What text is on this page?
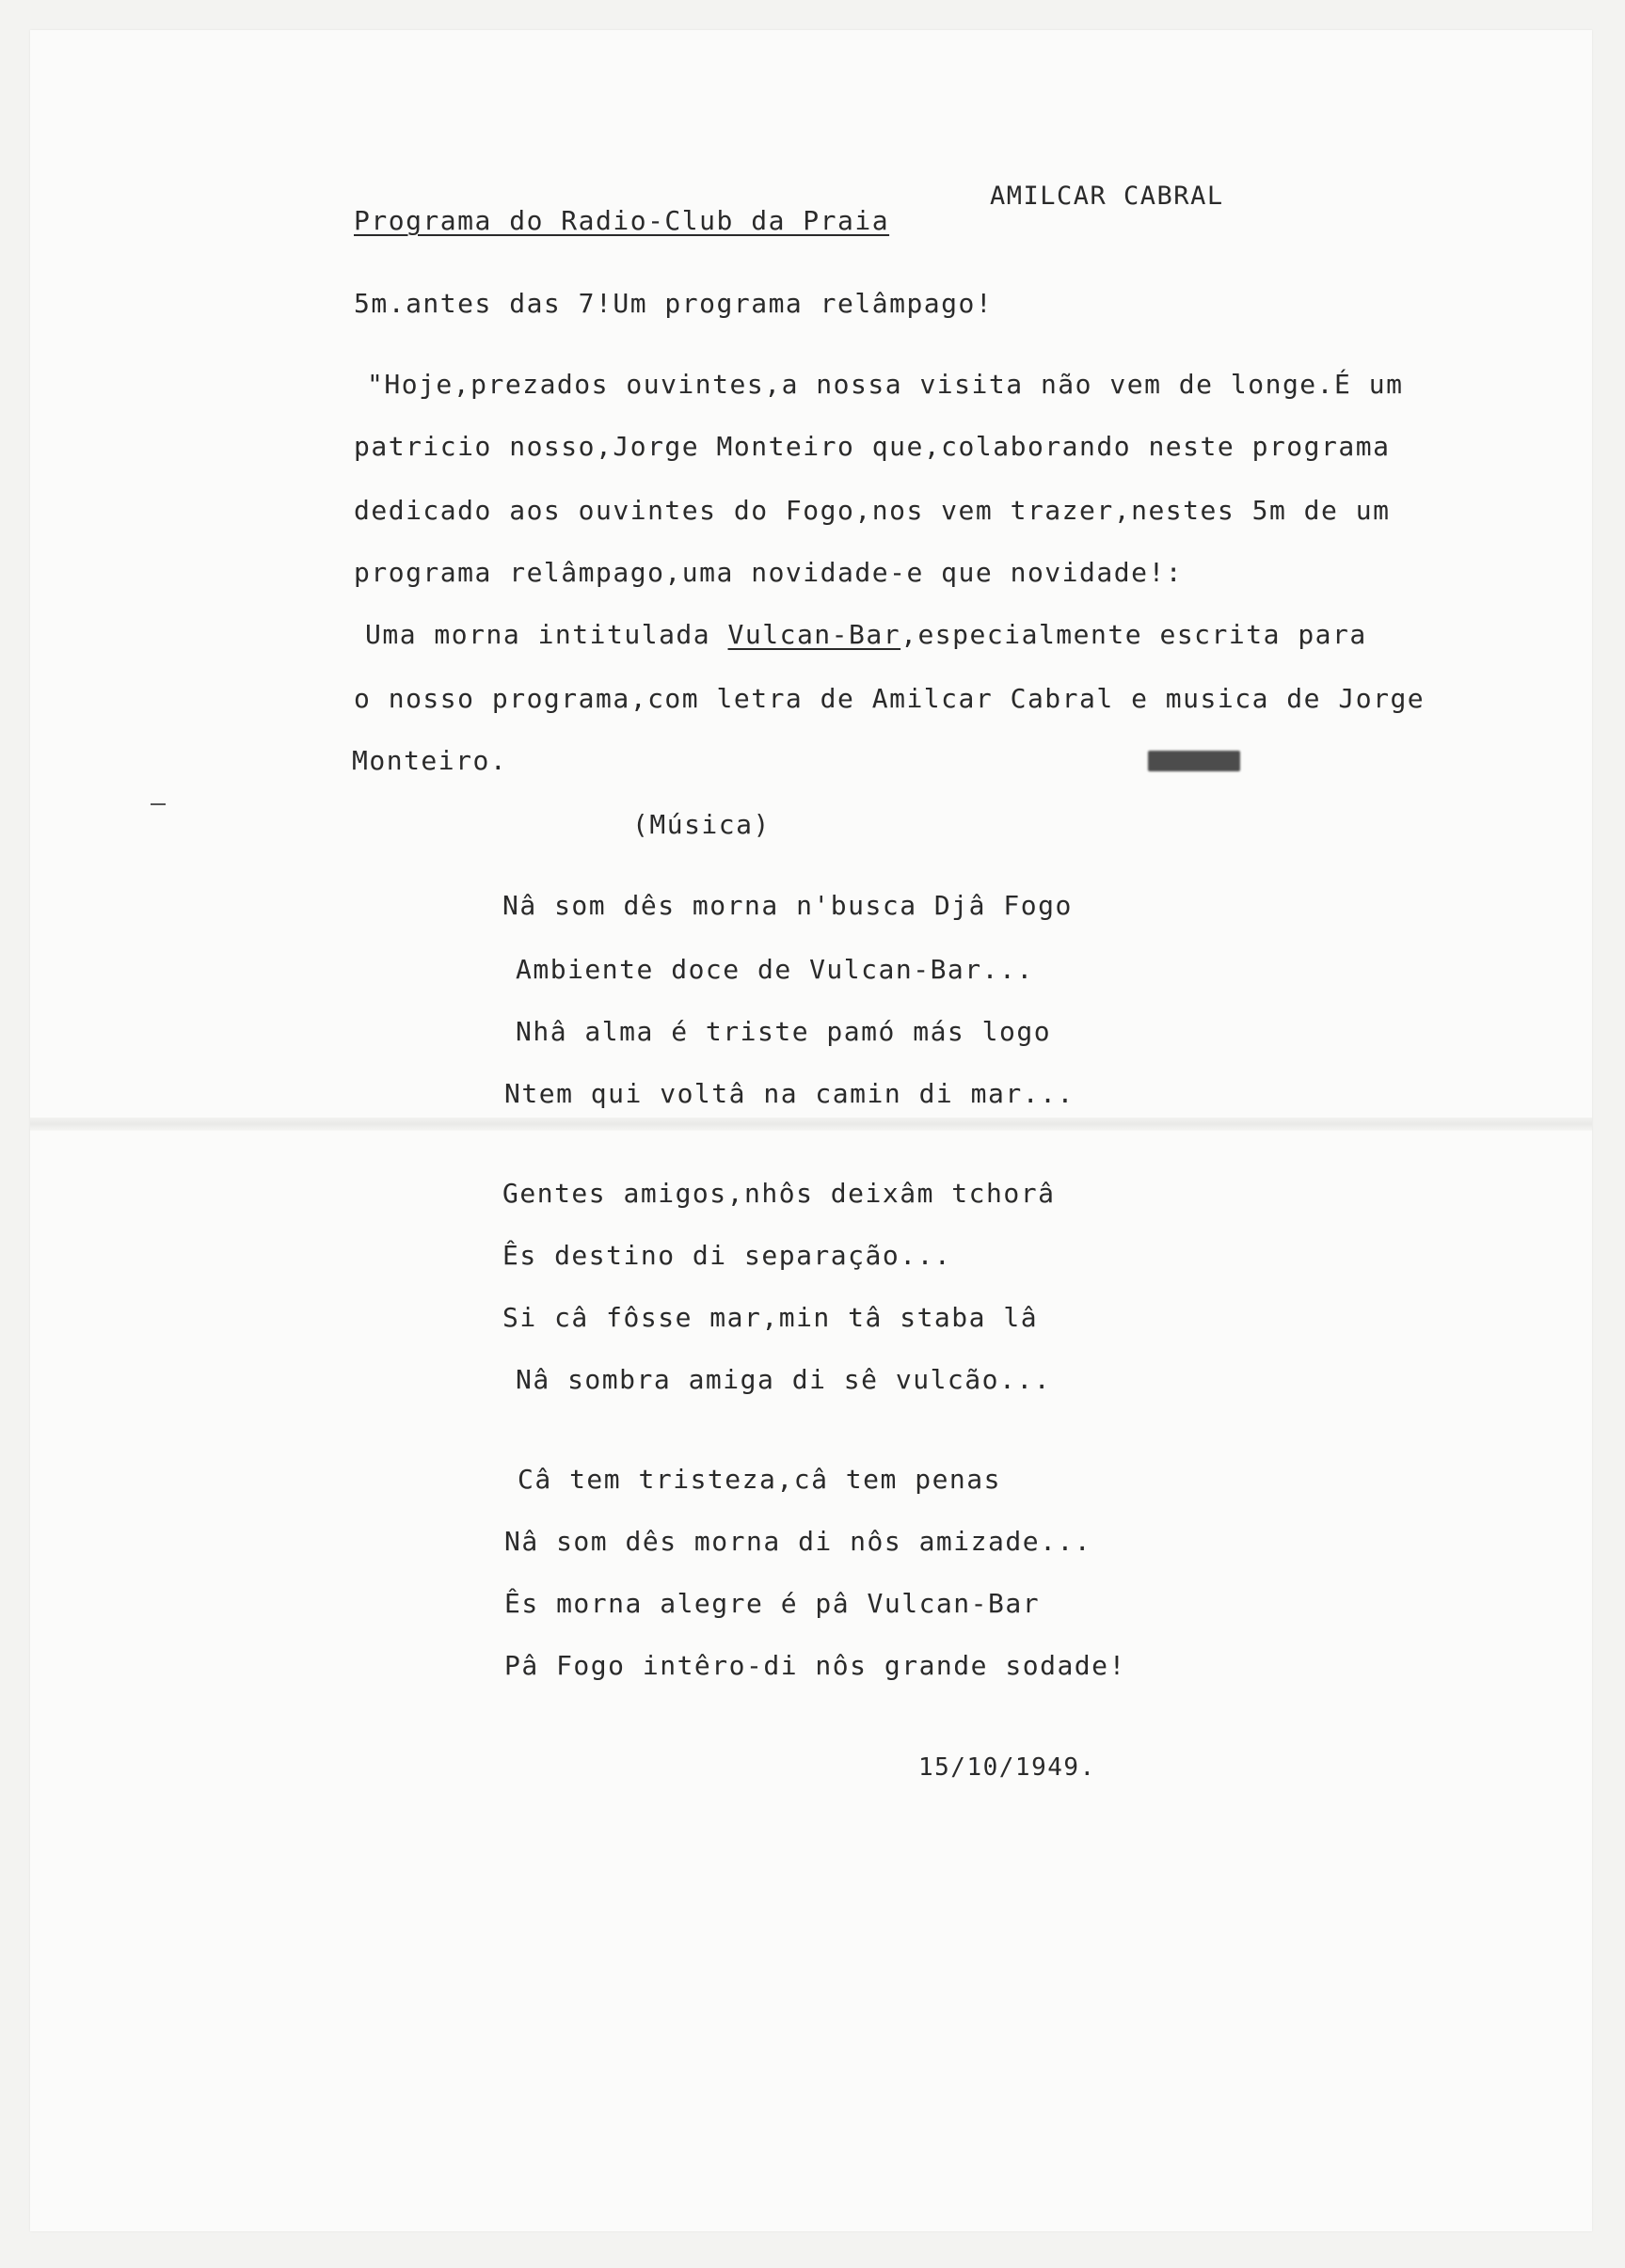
AMILCAR CABRAL
Programa do Radio-Club da Praia
5m.antes das 7!Um programa relâmpago!
"Hoje,prezados ouvintes,a nossa visita não vem de longe.É um
patricio nosso,Jorge Monteiro que,colaborando neste programa
dedicado aos ouvintes do Fogo,nos vem trazer,nestes 5m de um
programa relâmpago,uma novidade-e que novidade!:
Uma morna intitulada Vulcan-Bar,especialmente escrita para
o nosso programa,com letra de Amilcar Cabral e musica de Jorge
Monteiro.
(Música)
Nâ som dês morna n'busca Djâ Fogo
Ambiente doce de Vulcan-Bar...
Nhâ alma é triste pamó más logo
Ntem qui voltâ na camin di mar...
Gentes amigos,nhôs deixâm tchorâ
Ês destino di separação...
Si câ fôsse mar,min tâ staba lâ
Nâ sombra amiga di sê vulcão...
Câ tem tristeza,câ tem penas
Nâ som dês morna di nôs amizade...
Ês morna alegre é pâ Vulcan-Bar
Pâ Fogo intêro-di nôs grande sodade!
15/10/1949.
